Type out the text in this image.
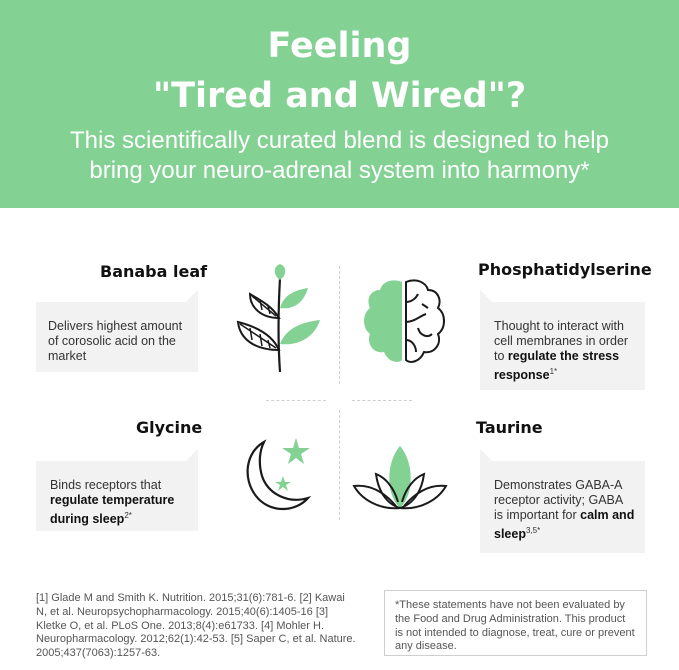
Feeling
"Tired and Wired"?

This scientifically curated blend is designed to help
bring your neuro-adrenal system into harmony*

Banaba leaf
Delivers highest amount of corosolic acid on the market
Phosphatidylserine
Thought to interact with cell membranes in order to regulate the stress response$^{1*}$
Glycine
Binds receptors that regulate temperature during sleep$^{2*}$
Taurine
Demonstrates GABA-A receptor activity; GABA is important for calm and sleep$^{3,5*}$

[1] Glade M and Smith K. Nutrition. 2015;31(6):781-6. [2] Kawai N, et al. Neuropsychopharmacology. 2015;40(6):1405-16 [3] Kletke O, et al. PLoS One. 2013;8(4):e61733. [4] Mohler H. Neuropharmacology. 2012;62(1):42-53. [5] Saper C, et al. Nature. 2005;437(7063):1257-63.

*These statements have not been evaluated by the Food and Drug Administration. This product is not intended to diagnose, treat, cure or prevent any disease.
